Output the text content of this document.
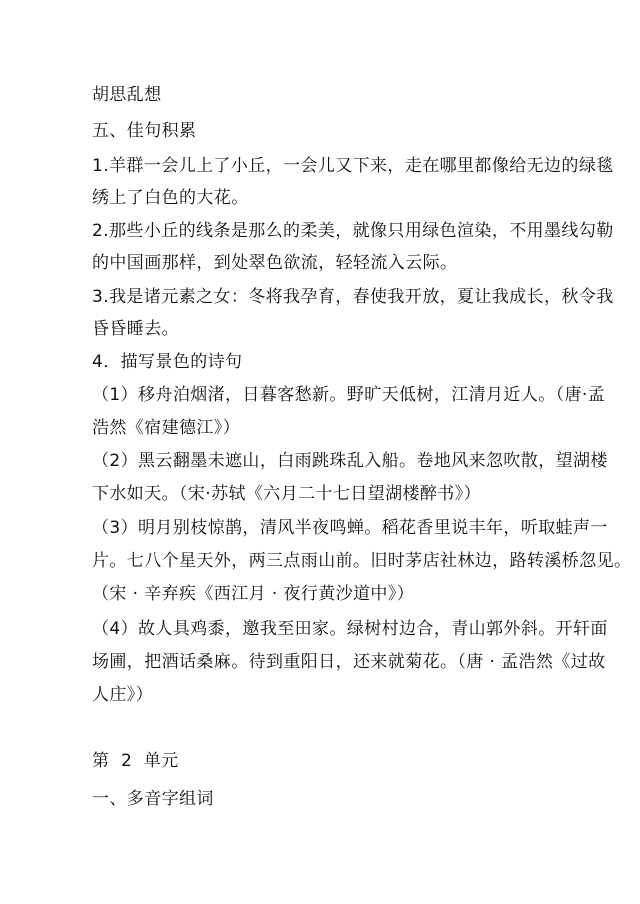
胡思乱想
五、佳句积累
1.羊群一会儿上了小丘，一会儿又下来，走在哪里都像给无边的绿毯
绣上了白色的大花。
2.那些小丘的线条是那么的柔美，就像只用绿色渲染，不用墨线勾勒
的中国画那样，到处翠色欲流，轻轻流入云际。
3.我是诸元素之女：冬将我孕育，春使我开放，夏让我成长，秋令我
昏昏睡去。
4．描写景色的诗句
（1）移舟泊烟渚，日暮客愁新。野旷天低树，江清月近人。（唐·孟
浩然《宿建德江》）
（2）黑云翻墨未遮山，白雨跳珠乱入船。卷地风来忽吹散，望湖楼
下水如天。（宋·苏轼《六月二十七日望湖楼醉书》）
（3）明月别枝惊鹊，清风半夜鸣蝉。稻花香里说丰年，听取蛙声一
片。七八个星天外，两三点雨山前。旧时茅店社林边，路转溪桥忽见。
（宋 · 辛弃疾《西江月 · 夜行黄沙道中》）
（4）故人具鸡黍，邀我至田家。绿树村边合，青山郭外斜。开轩面
场圃，把酒话桑麻。待到重阳日，还来就菊花。（唐 · 孟浩然《过故
人庄》）
第  2  单元
一、多音字组词
